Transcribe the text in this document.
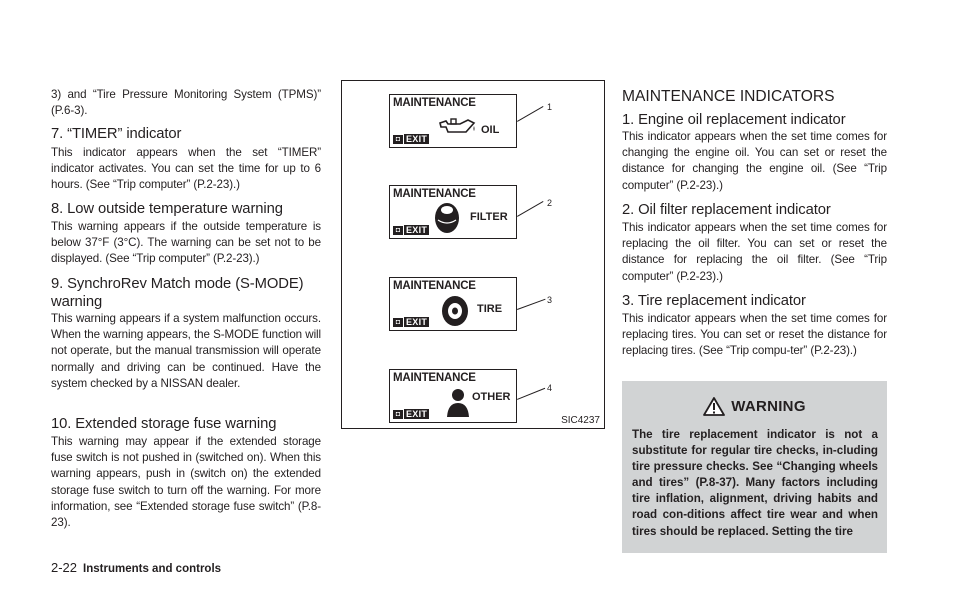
3) and “Tire Pressure Monitoring System (TPMS)” (P.6-3).

7. “TIMER” indicator

This indicator appears when the set “TIMER” indicator activates. You can set the time for up to 6 hours. (See “Trip computer” (P.2-23).)

8. Low outside temperature warning

This warning appears if the outside temperature is below 37°F (3°C). The warning can be set not to be displayed. (See “Trip computer” (P.2-23).)

9. SynchroRev Match mode (S-MODE) warning

This warning appears if a system malfunction occurs. When the warning appears, the S-MODE function will not operate, but the manual transmission will operate normally and driving can be continued. Have the system checked by a NISSAN dealer.

10. Extended storage fuse warning

This warning may appear if the extended storage fuse switch is not pushed in (switched on). When this warning appears, push in (switch on) the extended storage fuse switch to turn off the warning. For more information, see “Extended storage fuse switch” (P.8-23).

MAINTENANCE
◘ EXIT
OIL
1
MAINTENANCE
◘ EXIT
FILTER
2
MAINTENANCE
◘ EXIT
TIRE
3
MAINTENANCE
◘ EXIT
OTHER
4
SIC4237
MAINTENANCE INDICATORS
1. Engine oil replacement indicator

This indicator appears when the set time comes for changing the engine oil. You can set or reset the distance for changing the engine oil. (See “Trip computer” (P.2-23).)

2. Oil filter replacement indicator

This indicator appears when the set time comes for replacing the oil filter. You can set or reset the distance for replacing the oil filter. (See “Trip computer” (P.2-23).)

3. Tire replacement indicator

This indicator appears when the set time comes for replacing tires. You can set or reset the distance for replacing tires. (See “Trip compu-ter” (P.2-23).)

WARNING
The tire replacement indicator is not a substitute for regular tire checks, in-cluding tire pressure checks. See “Changing wheels and tires” (P.8-37). Many factors including tire inflation, alignment, driving habits and road con-ditions affect tire wear and when tires should be replaced. Setting the tire
2-22 Instruments and controls
